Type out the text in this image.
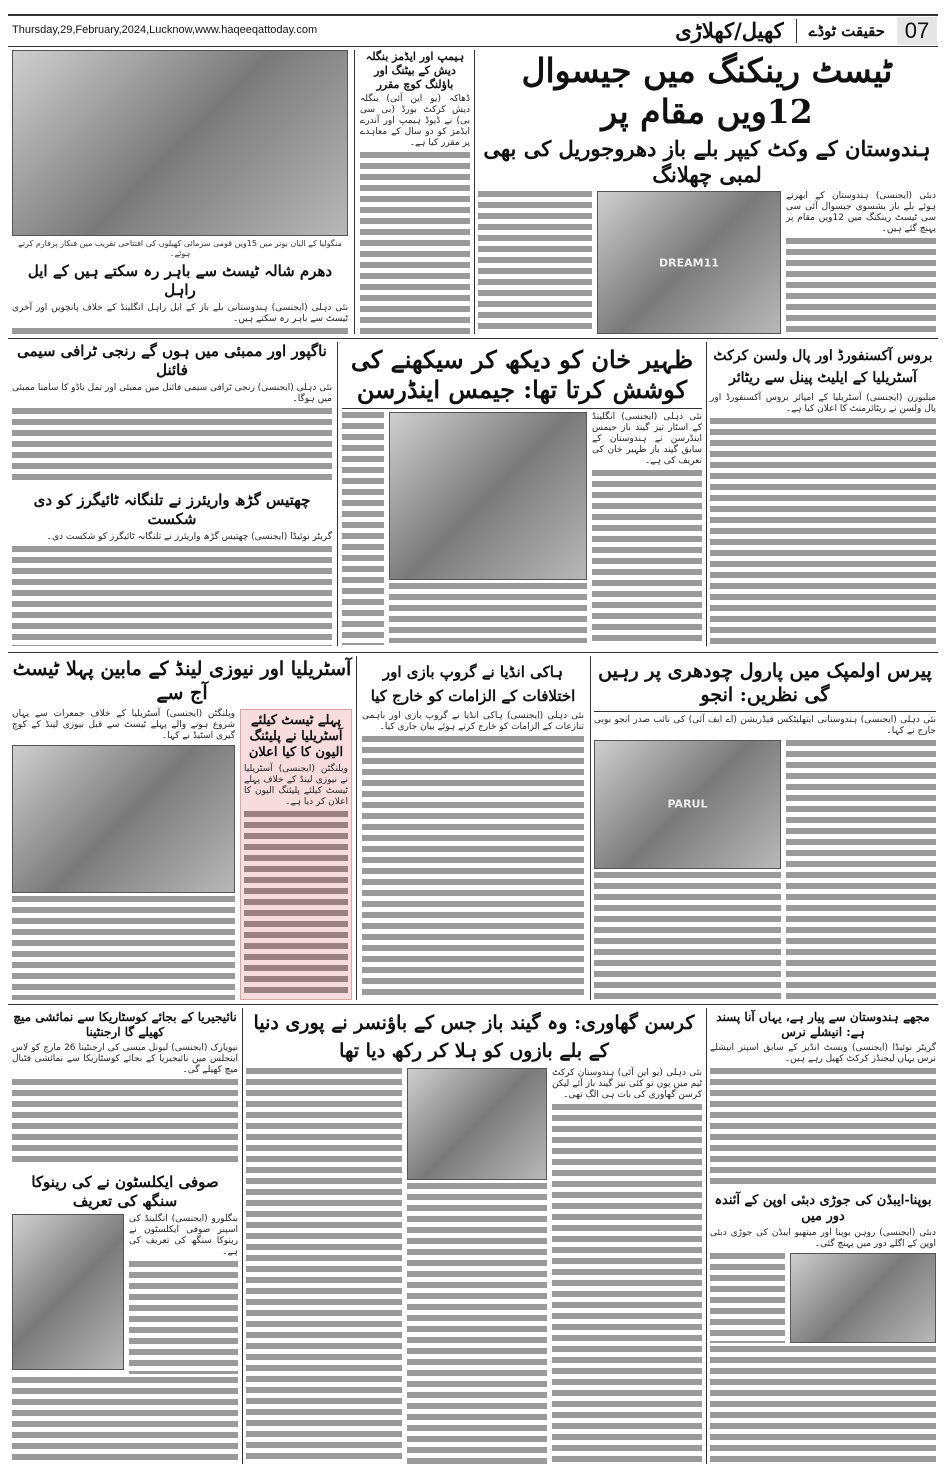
Thursday,29,February,2024,Lucknow,www.haqeeqattoday.com	07
حقیقت ٹوڈے
کھیل/کھلاڑی
منگولیا کے الیان بوتر میں 15ویں قومی سرمائی کھیلوں کی افتتاحی تقریب میں فنکار پرفارم کرتے ہوئے۔
دھرم شالہ ٹیسٹ سے باہر رہ سکتے ہیں کے ایل راہل
نئی دہلی (ایجنسی) ہندوستانی بلے باز کے ایل راہل انگلینڈ کے خلاف پانچویں اور آخری ٹیسٹ سے باہر رہ سکتے ہیں۔
ہیمپ اور ایڈمز بنگلہ دیش کے بیٹنگ اور باؤلنگ کوچ مقرر
ڈھاکہ (یو این آئی) بنگلہ دیش کرکٹ بورڈ (بی سی بی) نے ڈیوڈ ہیمپ اور آندرے ایڈمز کو دو سال کے معاہدے پر مقرر کیا ہے۔
ٹیسٹ رینکنگ میں جیسوال 12ویں مقام پر
ہندوستان کے وکٹ کیپر بلے باز دھروجوریل کی بھی لمبی چھلانگ
دبئی (ایجنسی) ہندوستان کے ابھرتے ہوئے بلے باز یشسوی جیسوال آئی سی سی ٹیسٹ رینکنگ میں 12ویں مقام پر پہنچ گئے ہیں۔
DREAM11
ناگپور اور ممبئی میں ہوں گے رنجی ٹرافی سیمی فائنل
نئی دہلی (ایجنسی) رنجی ٹرافی سیمی فائنل میں ممبئی اور تمل ناڈو کا سامنا ممبئی میں ہوگا۔
چھتیس گڑھ واریئرز نے تلنگانہ ٹائیگرز کو دی شکست
گریٹر نوئیڈا (ایجنسی) چھتیس گڑھ واریئرز نے تلنگانہ ٹائیگرز کو شکست دی۔
ظہیر خان کو دیکھ کر سیکھنے کی کوشش کرتا تھا: جیمس اینڈرسن
نئی دہلی (ایجنسی) انگلینڈ کے اسٹار تیز گیند باز جیمس اینڈرسن نے ہندوستان کے سابق گیند باز ظہیر خان کی تعریف کی ہے۔
بروس آکسنفورڈ اور پال ولسن کرکٹ آسٹریلیا کے ایلیٹ پینل سے ریٹائر
میلبورن (ایجنسی) آسٹریلیا کے امپائر بروس آکسنفورڈ اور پال ولسن نے ریٹائرمنٹ کا اعلان کیا ہے۔
آسٹریلیا اور نیوزی لینڈ کے مابین پہلا ٹیسٹ آج سے
پہلے ٹیسٹ کیلئے آسٹریلیا نے پلیئنگ الیون کا کیا اعلان
ویلنگٹن (ایجنسی) آسٹریلیا نے نیوزی لینڈ کے خلاف پہلے ٹیسٹ کیلئے پلیئنگ الیون کا اعلان کر دیا ہے۔
ویلنگٹن (ایجنسی) آسٹریلیا کے خلاف جمعرات سے یہاں شروع ہونے والے پہلے ٹیسٹ سے قبل نیوزی لینڈ کے کوچ گیری اسٹیڈ نے کہا۔
ہاکی انڈیا نے گروپ بازی اور اختلافات کے الزامات کو خارج کیا
نئی دہلی (ایجنسی) ہاکی انڈیا نے گروپ بازی اور باہمی تنازعات کے الزامات کو خارج کرتے ہوئے بیان جاری کیا۔
پیرس اولمپک میں پارول چودھری پر رہیں گی نظریں: انجو
نئی دہلی (ایجنسی) ہندوستانی ایتھلیٹکس فیڈریشن (اے ایف آئی) کی نائب صدر انجو بوبی جارج نے کہا۔
PARUL
نائیجیریا کے بجائے کوسٹاریکا سے نمائشی میچ کھیلے گا ارجنٹینا
نیویارک (ایجنسی) لیونل میسی کی ارجنٹینا 26 مارچ کو لاس اینجلس میں نائیجیریا کے بجائے کوسٹاریکا سے نمائشی فٹبال میچ کھیلے گی۔
صوفی ایکلسٹون نے کی رینوکا سنگھ کی تعریف
بنگلورو (ایجنسی) انگلینڈ کی اسپنر صوفی ایکلسٹون نے رینوکا سنگھ کی تعریف کی ہے۔
کرسن گھاوری: وہ گیند باز جس کے باؤنسر نے پوری دنیا کے بلے بازوں کو ہلا کر رکھ دیا تھا
نئی دہلی (یو این آئی) ہندوستان کرکٹ ٹیم میں یوں تو کئی تیز گیند باز آئے لیکن کرسن گھاوری کی بات ہی الگ تھی۔
مجھے ہندوستان سے پیار ہے، یہاں آنا پسند ہے: انیشلے نرس
گریٹر نوئیڈا (ایجنسی) ویسٹ انڈیز کے سابق اسپنر انیشلے نرس یہاں لیجنڈز کرکٹ کھیل رہے ہیں۔
بوپنا-ایبڈن کی جوڑی دبئی اوپن کے آئندہ دور میں
دبئی (ایجنسی) روہن بوپنا اور میتھیو ایبڈن کی جوڑی دبئی اوپن کے اگلے دور میں پہنچ گئی۔
